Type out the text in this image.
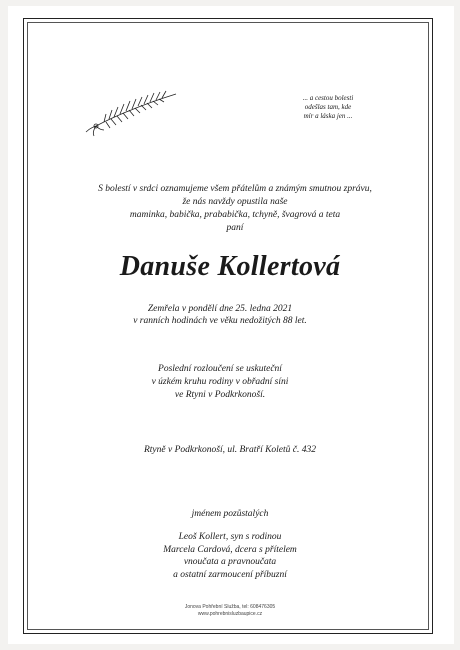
... a cestou bolesti
odešlas tam, kde
mír a láska jen ...
S bolestí v srdci oznamujeme všem přátelům a známým smutnou zprávu,
že nás navždy opustila naše
maminka, babička, prababička, tchyně, švagrová a teta
paní
Danuše Kollertová
Zemřela v pondělí dne 25. ledna 2021
v ranních hodinách ve věku nedožitých 88 let.
Poslední rozloučení se uskuteční
v úzkém kruhu rodiny v obřadní síni
ve Rtyni v Podkrkonoší.
Rtyně v Podkrkonoší, ul. Bratří Koletů č. 432
jménem pozůstalých
Leoš Kollert, syn s rodinou
Marcela Cardová, dcera s přítelem
vnoučata a pravnoučata
a ostatní zarmoucení příbuzní
Jonova Pohřební Služba, tel: 608476305
www.pohrebnisluzbaupice.cz
